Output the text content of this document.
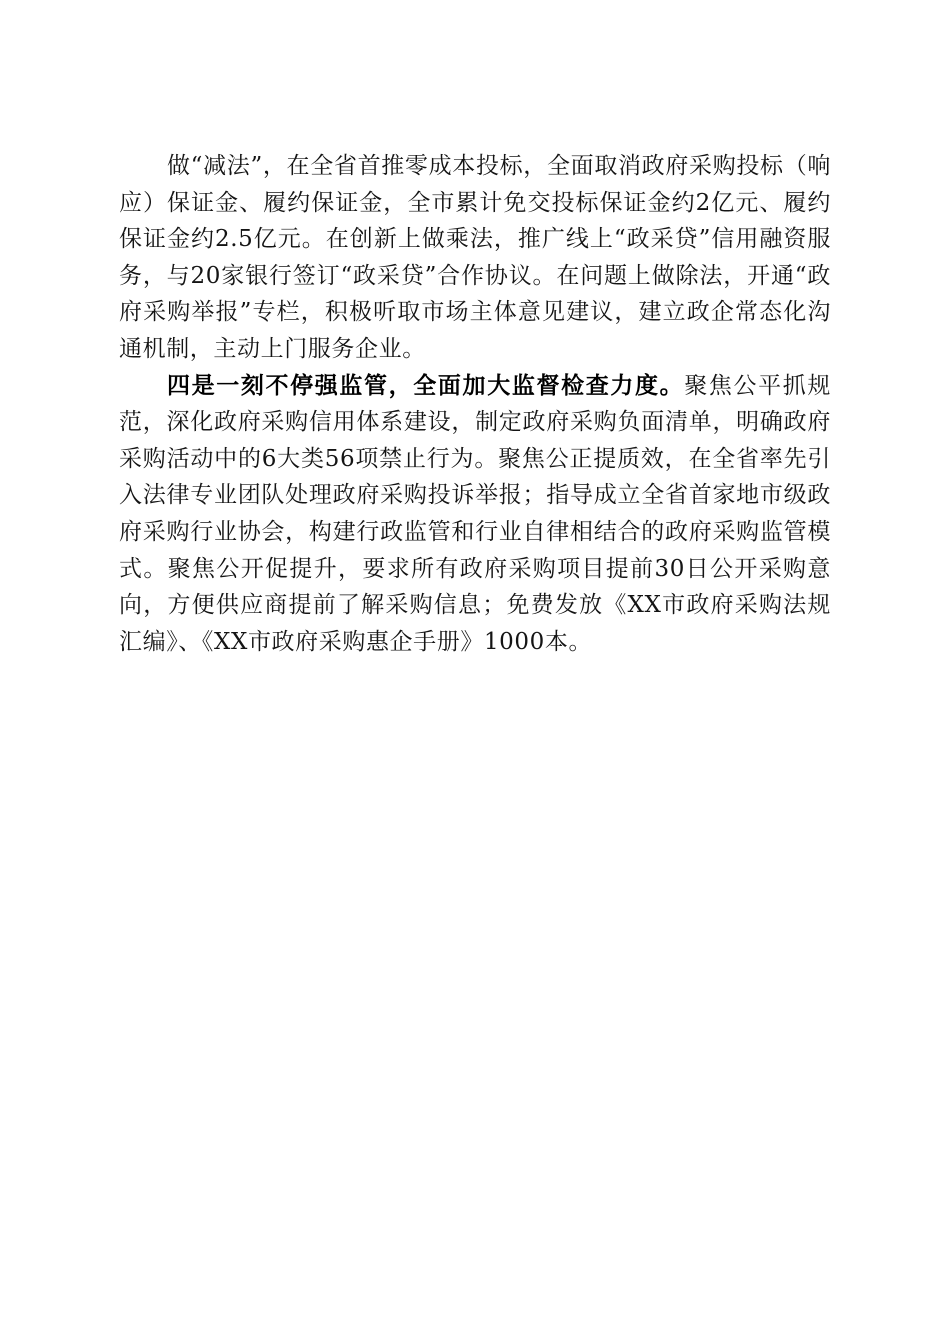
做“减法”，在全省首推零成本投标，全面取消政府采购投标（响应）保证金、履约保证金，全市累计免交投标保证金约2亿元、履约保证金约2.5亿元。在创新上做乘法，推广线上“政采贷”信用融资服务，与20家银行签订“政采贷”合作协议。在问题上做除法，开通“政府采购举报”专栏，积极听取市场主体意见建议，建立政企常态化沟通机制，主动上门服务企业。

四是一刻不停强监管，全面加大监督检查力度。聚焦公平抓规范，深化政府采购信用体系建设，制定政府采购负面清单，明确政府采购活动中的6大类56项禁止行为。聚焦公正提质效，在全省率先引入法律专业团队处理政府采购投诉举报；指导成立全省首家地市级政府采购行业协会，构建行政监管和行业自律相结合的政府采购监管模式。聚焦公开促提升，要求所有政府采购项目提前30日公开采购意向，方便供应商提前了解采购信息；免费发放《XX市政府采购法规汇编》、《XX市政府采购惠企手册》1000本。
